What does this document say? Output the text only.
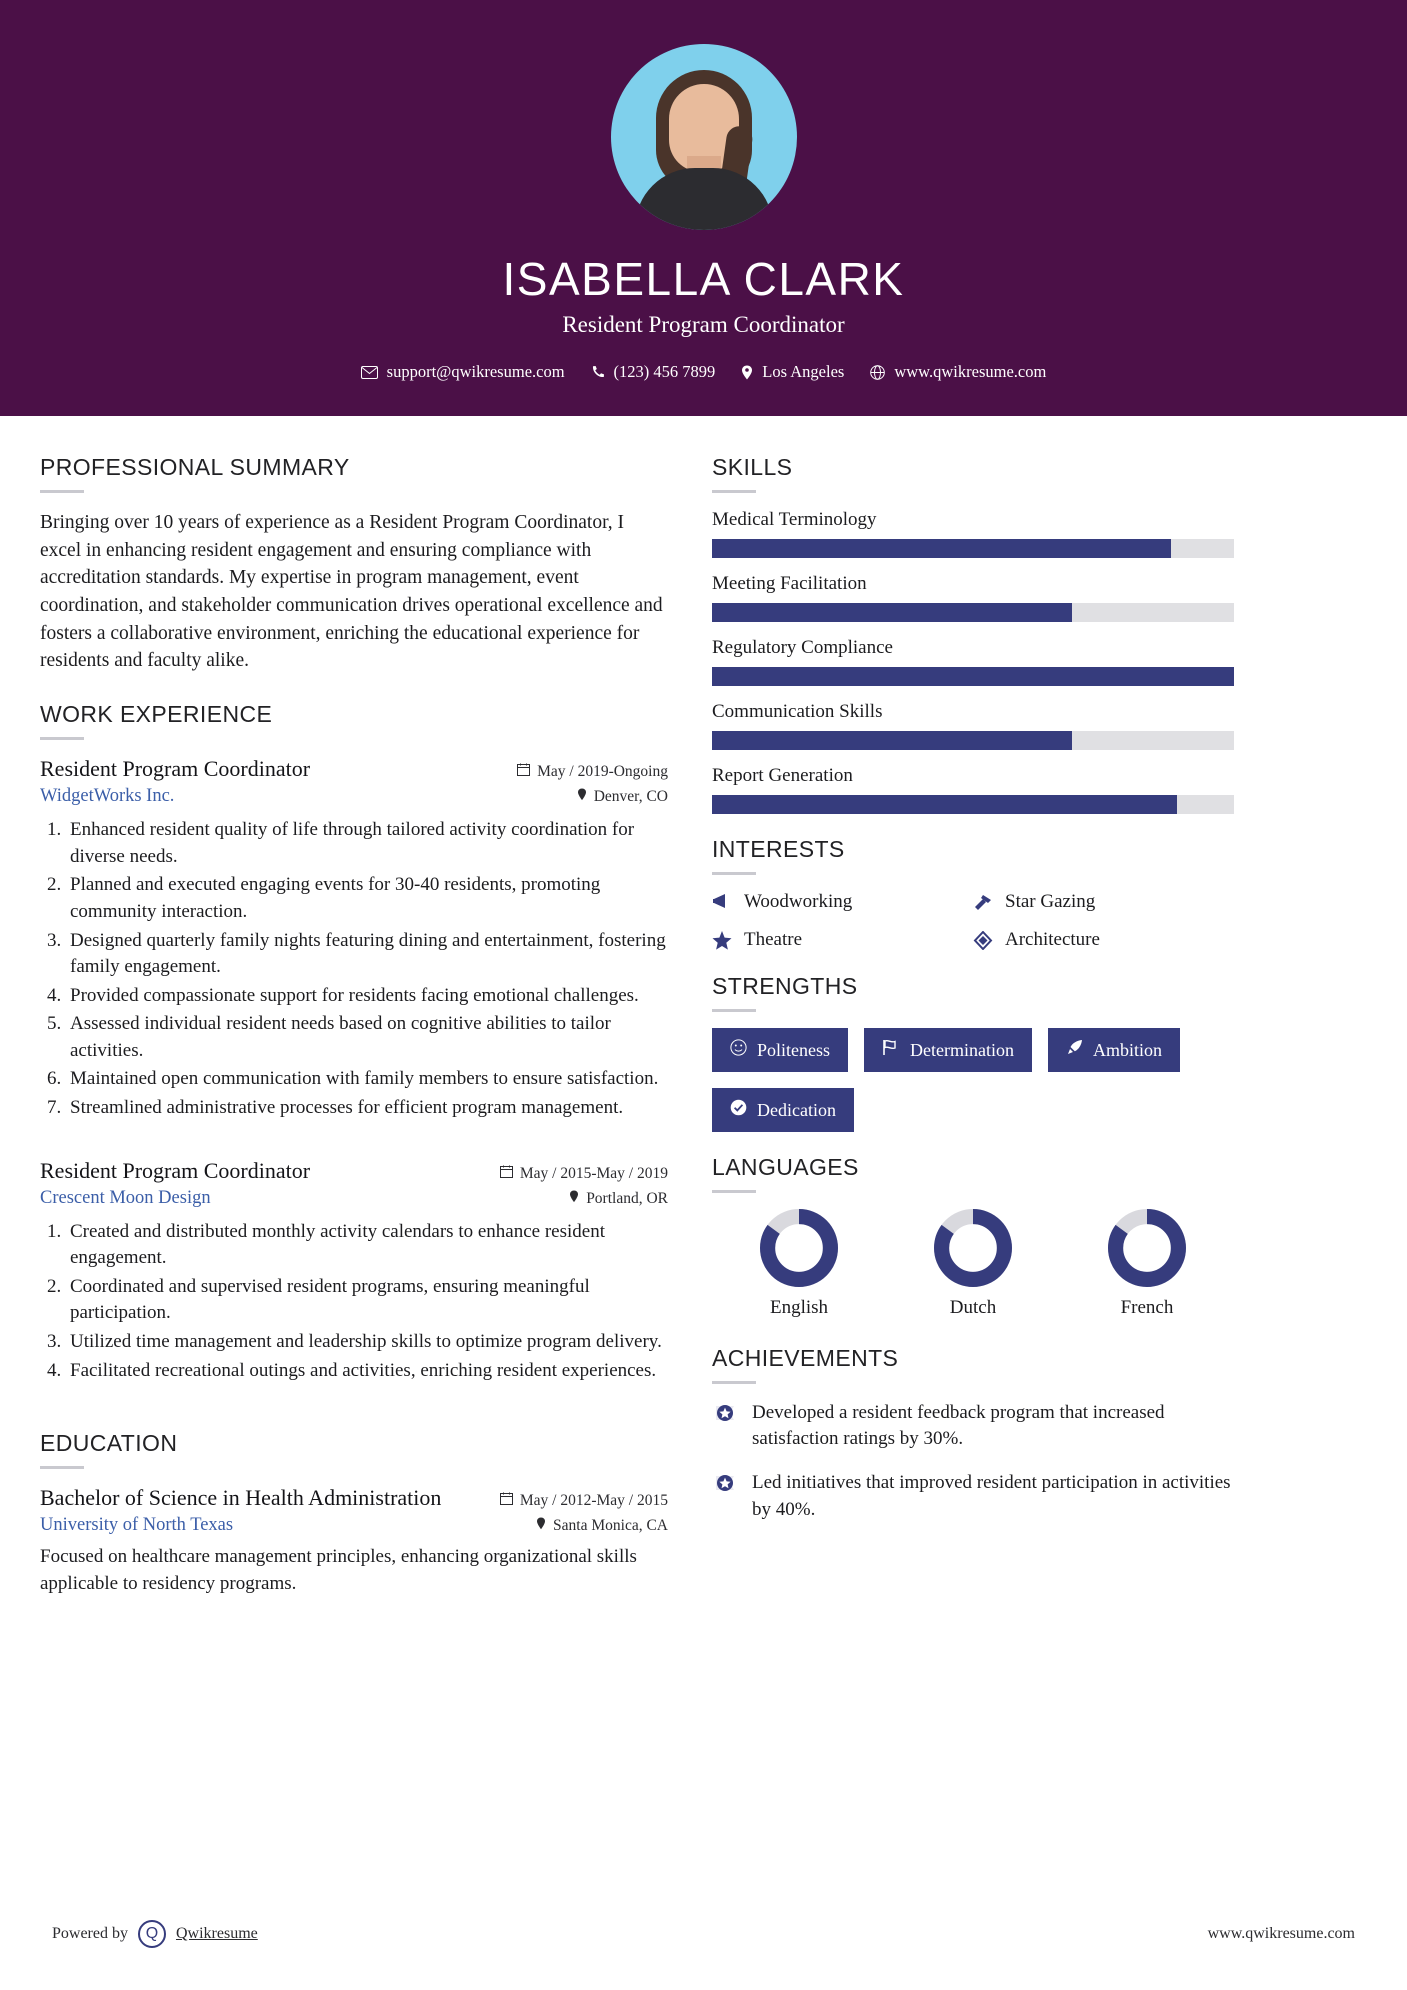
ISABELLA CLARK
Resident Program Coordinator
support@qwikresume.com	(123) 456 7899	Los Angeles	www.qwikresume.com
PROFESSIONAL SUMMARY
Bringing over 10 years of experience as a Resident Program Coordinator, I excel in enhancing resident engagement and ensuring compliance with accreditation standards. My expertise in program management, event coordination, and stakeholder communication drives operational excellence and fosters a collaborative environment, enriching the educational experience for residents and faculty alike.
WORK EXPERIENCE
Resident Program Coordinator	May / 2019-Ongoing
WidgetWorks Inc.	Denver, CO
1. Enhanced resident quality of life through tailored activity coordination for diverse needs.
2. Planned and executed engaging events for 30-40 residents, promoting community interaction.
3. Designed quarterly family nights featuring dining and entertainment, fostering family engagement.
4. Provided compassionate support for residents facing emotional challenges.
5. Assessed individual resident needs based on cognitive abilities to tailor activities.
6. Maintained open communication with family members to ensure satisfaction.
7. Streamlined administrative processes for efficient program management.
Resident Program Coordinator	May / 2015-May / 2019
Crescent Moon Design	Portland, OR
1. Created and distributed monthly activity calendars to enhance resident engagement.
2. Coordinated and supervised resident programs, ensuring meaningful participation.
3. Utilized time management and leadership skills to optimize program delivery.
4. Facilitated recreational outings and activities, enriching resident experiences.
EDUCATION
Bachelor of Science in Health Administration	May / 2012-May / 2015
University of North Texas	Santa Monica, CA
Focused on healthcare management principles, enhancing organizational skills applicable to residency programs.
SKILLS
Medical Terminology
Meeting Facilitation
Regulatory Compliance
Communication Skills
Report Generation
INTERESTS
Woodworking	Star Gazing
Theatre	Architecture
STRENGTHS
Politeness	Determination	Ambition
Dedication
LANGUAGES
English	Dutch	French
ACHIEVEMENTS
Developed a resident feedback program that increased satisfaction ratings by 30%.
Led initiatives that improved resident participation in activities by 40%.
Powered by	Q	Qwikresume	www.qwikresume.com
